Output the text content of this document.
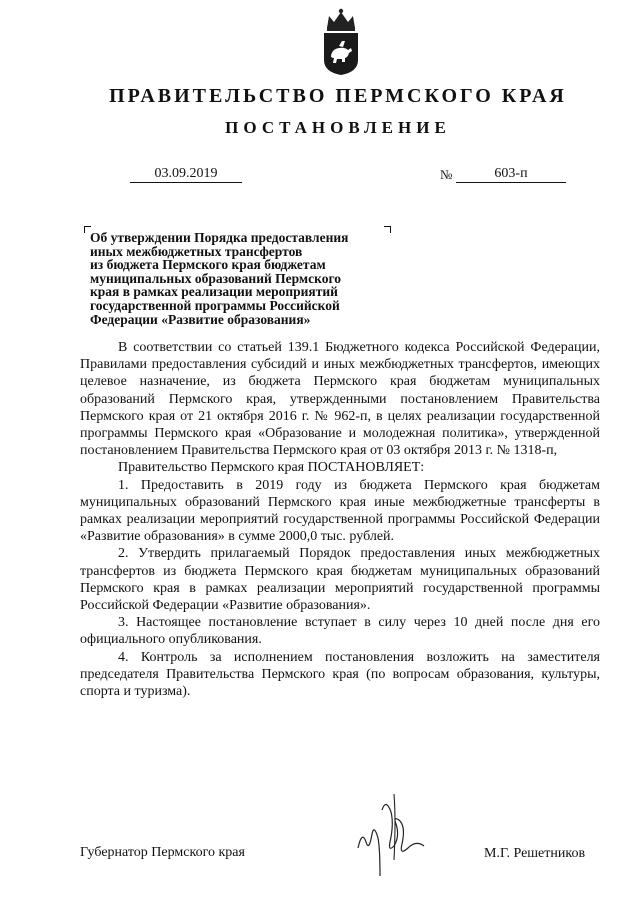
ПРАВИТЕЛЬСТВО ПЕРМСКОГО КРАЯ
ПОСТАНОВЛЕНИЕ
03.09.2019	№	603-п
Об утверждении Порядка предоставления
иных межбюджетных трансфертов
из бюджета Пермского края бюджетам
муниципальных образований Пермского
края в рамках реализации мероприятий
государственной программы Российской
Федерации «Развитие образования»

В соответствии со статьей 139.1 Бюджетного кодекса Российской Федерации, Правилами предоставления субсидий и иных межбюджетных трансфертов, имеющих целевое назначение, из бюджета Пермского края бюджетам муниципальных образований Пермского края, утвержденными постановлением Правительства Пермского края от 21 октября 2016 г. № 962-п, в целях реализации государственной программы Пермского края «Образование и молодежная политика», утвержденной постановлением Правительства Пермского края от 03 октября 2013 г. № 1318-п,

Правительство Пермского края ПОСТАНОВЛЯЕТ:

1. Предоставить в 2019 году из бюджета Пермского края бюджетам муниципальных образований Пермского края иные межбюджетные трансферты в рамках реализации мероприятий государственной программы Российской Федерации «Развитие образования» в сумме 2000,0 тыс. рублей.

2. Утвердить прилагаемый Порядок предоставления иных межбюджетных трансфертов из бюджета Пермского края бюджетам муниципальных образований Пермского края в рамках реализации мероприятий государственной программы Российской Федерации «Развитие образования».

3. Настоящее постановление вступает в силу через 10 дней после дня его официального опубликования.

4. Контроль за исполнением постановления возложить на заместителя председателя Правительства Пермского края (по вопросам образования, культуры, спорта и туризма).

Губернатор Пермского края	М.Г. Решетников
